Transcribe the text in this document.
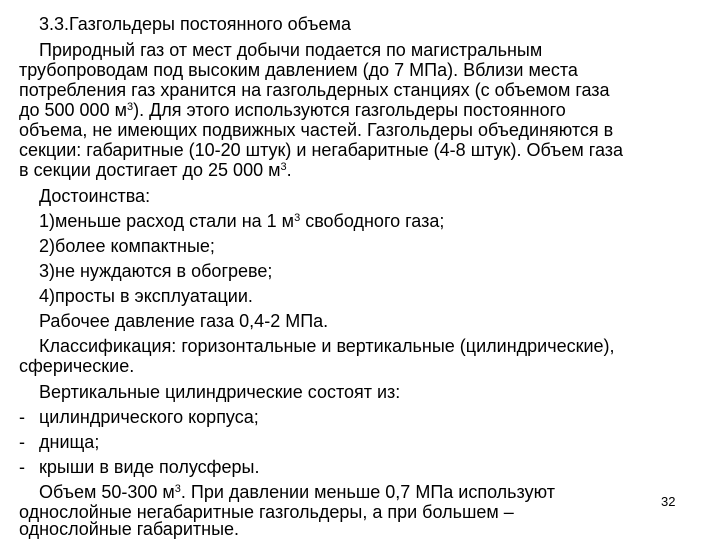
3.3.Газгольдеры постоянного объема
Природный газ от мест добычи подается по магистральным
трубопроводам под высоким давлением (до 7 МПа). Вблизи места
потребления газ хранится на газгольдерных станциях (с объемом газа
до 500 000 $м^3$). Для этого используются газгольдеры постоянного
объема, не имеющих подвижных частей. Газгольдеры объединяются в
секции: габаритные (10-20 штук) и негабаритные (4-8 штук). Объем газа
в секции достигает до 25 000 $м^3$.
Достоинства:
1)меньше расход стали на 1 $м^3$ свободного газа;
2)более компактные;
3)не нуждаются в обогреве;
4)просты в эксплуатации.
Рабочее давление газа 0,4-2 МПа.
Классификация: горизонтальные и вертикальные (цилиндрические),
сферические.
Вертикальные цилиндрические состоят из:
- цилиндрического корпуса;
- днища;
- крыши в виде полусферы.
Объем 50-300 $м^3$. При давлении меньше 0,7 МПа используют
однослойные негабаритные газгольдеры, а при большем –
однослойные габаритные.
32
